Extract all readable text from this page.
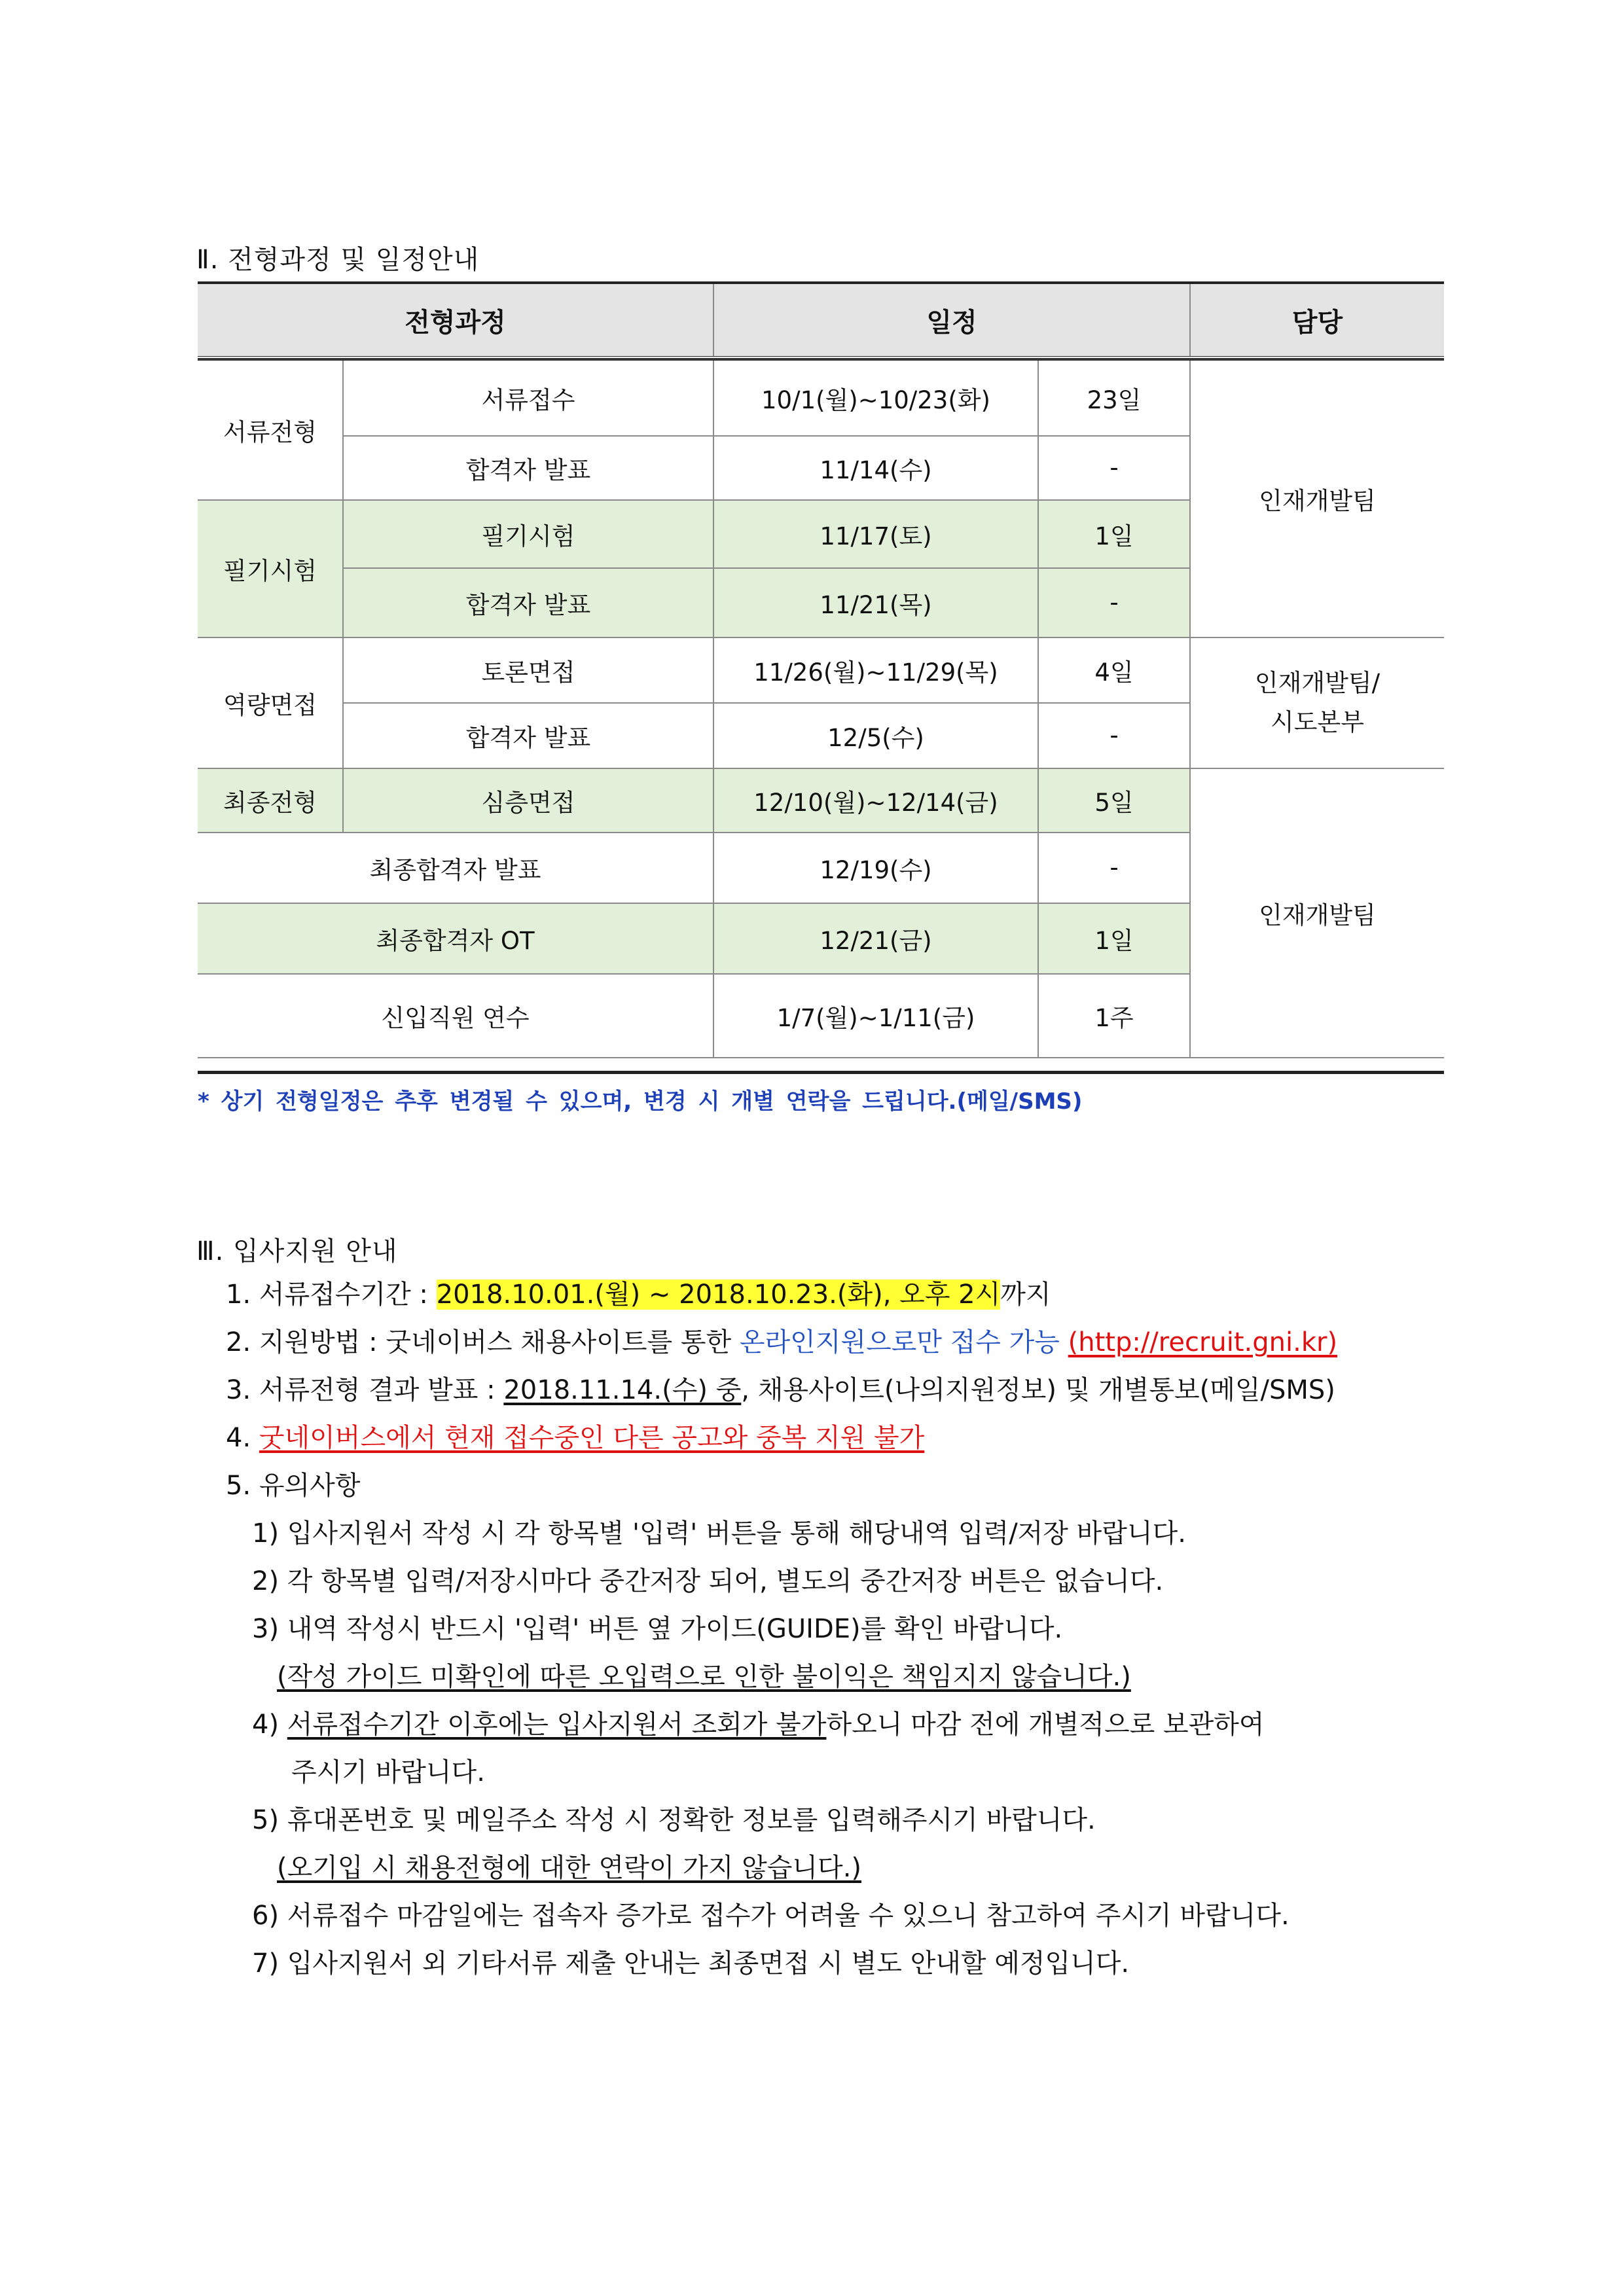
Ⅱ. 전형과정 및 일정안내
전형과정		일정		담당

서류전형	서류접수	10/1(월)~10/23(화)	23일	인재개발팀
	합격자 발표	11/14(수)	-	
필기시험	필기시험	11/17(토)	1일	
	합격자 발표	11/21(목)	-	
역량면접	토론면접	11/26(월)~11/29(목)	4일	인재개발팀/
시도본부

	합격자 발표	12/5(수)	-	
최종전형	심층면접	12/10(월)~12/14(금)	5일	인재개발팀
최종합격자 발표		12/19(수)	-	
최종합격자 OT		12/21(금)	1일	
신입직원 연수		1/7(월)~1/11(금)	1주	
* 상기 전형일정은 추후 변경될 수 있으며, 변경 시 개별 연락을 드립니다.(메일/SMS)
Ⅲ. 입사지원 안내
1. 서류접수기간 : 2018.10.01.(월) ~ 2018.10.23.(화), 오후 2시까지
2. 지원방법 : 굿네이버스 채용사이트를 통한 온라인지원으로만 접수 가능 (http://recruit.gni.kr)
3. 서류전형 결과 발표 : 2018.11.14.(수) 중, 채용사이트(나의지원정보) 및 개별통보(메일/SMS)
4. 굿네이버스에서 현재 접수중인 다른 공고와 중복 지원 불가
5. 유의사항
1) 입사지원서 작성 시 각 항목별 '입력' 버튼을 통해 해당내역 입력/저장 바랍니다.
2) 각 항목별 입력/저장시마다 중간저장 되어, 별도의 중간저장 버튼은 없습니다.
3) 내역 작성시 반드시 '입력' 버튼 옆 가이드(GUIDE)를 확인 바랍니다.
(작성 가이드 미확인에 따른 오입력으로 인한 불이익은 책임지지 않습니다.)
4) 서류접수기간 이후에는 입사지원서 조회가 불가하오니 마감 전에 개별적으로 보관하여
주시기 바랍니다.
5) 휴대폰번호 및 메일주소 작성 시 정확한 정보를 입력해주시기 바랍니다.
(오기입 시 채용전형에 대한 연락이 가지 않습니다.)
6) 서류접수 마감일에는 접속자 증가로 접수가 어려울 수 있으니 참고하여 주시기 바랍니다.
7) 입사지원서 외 기타서류 제출 안내는 최종면접 시 별도 안내할 예정입니다.
